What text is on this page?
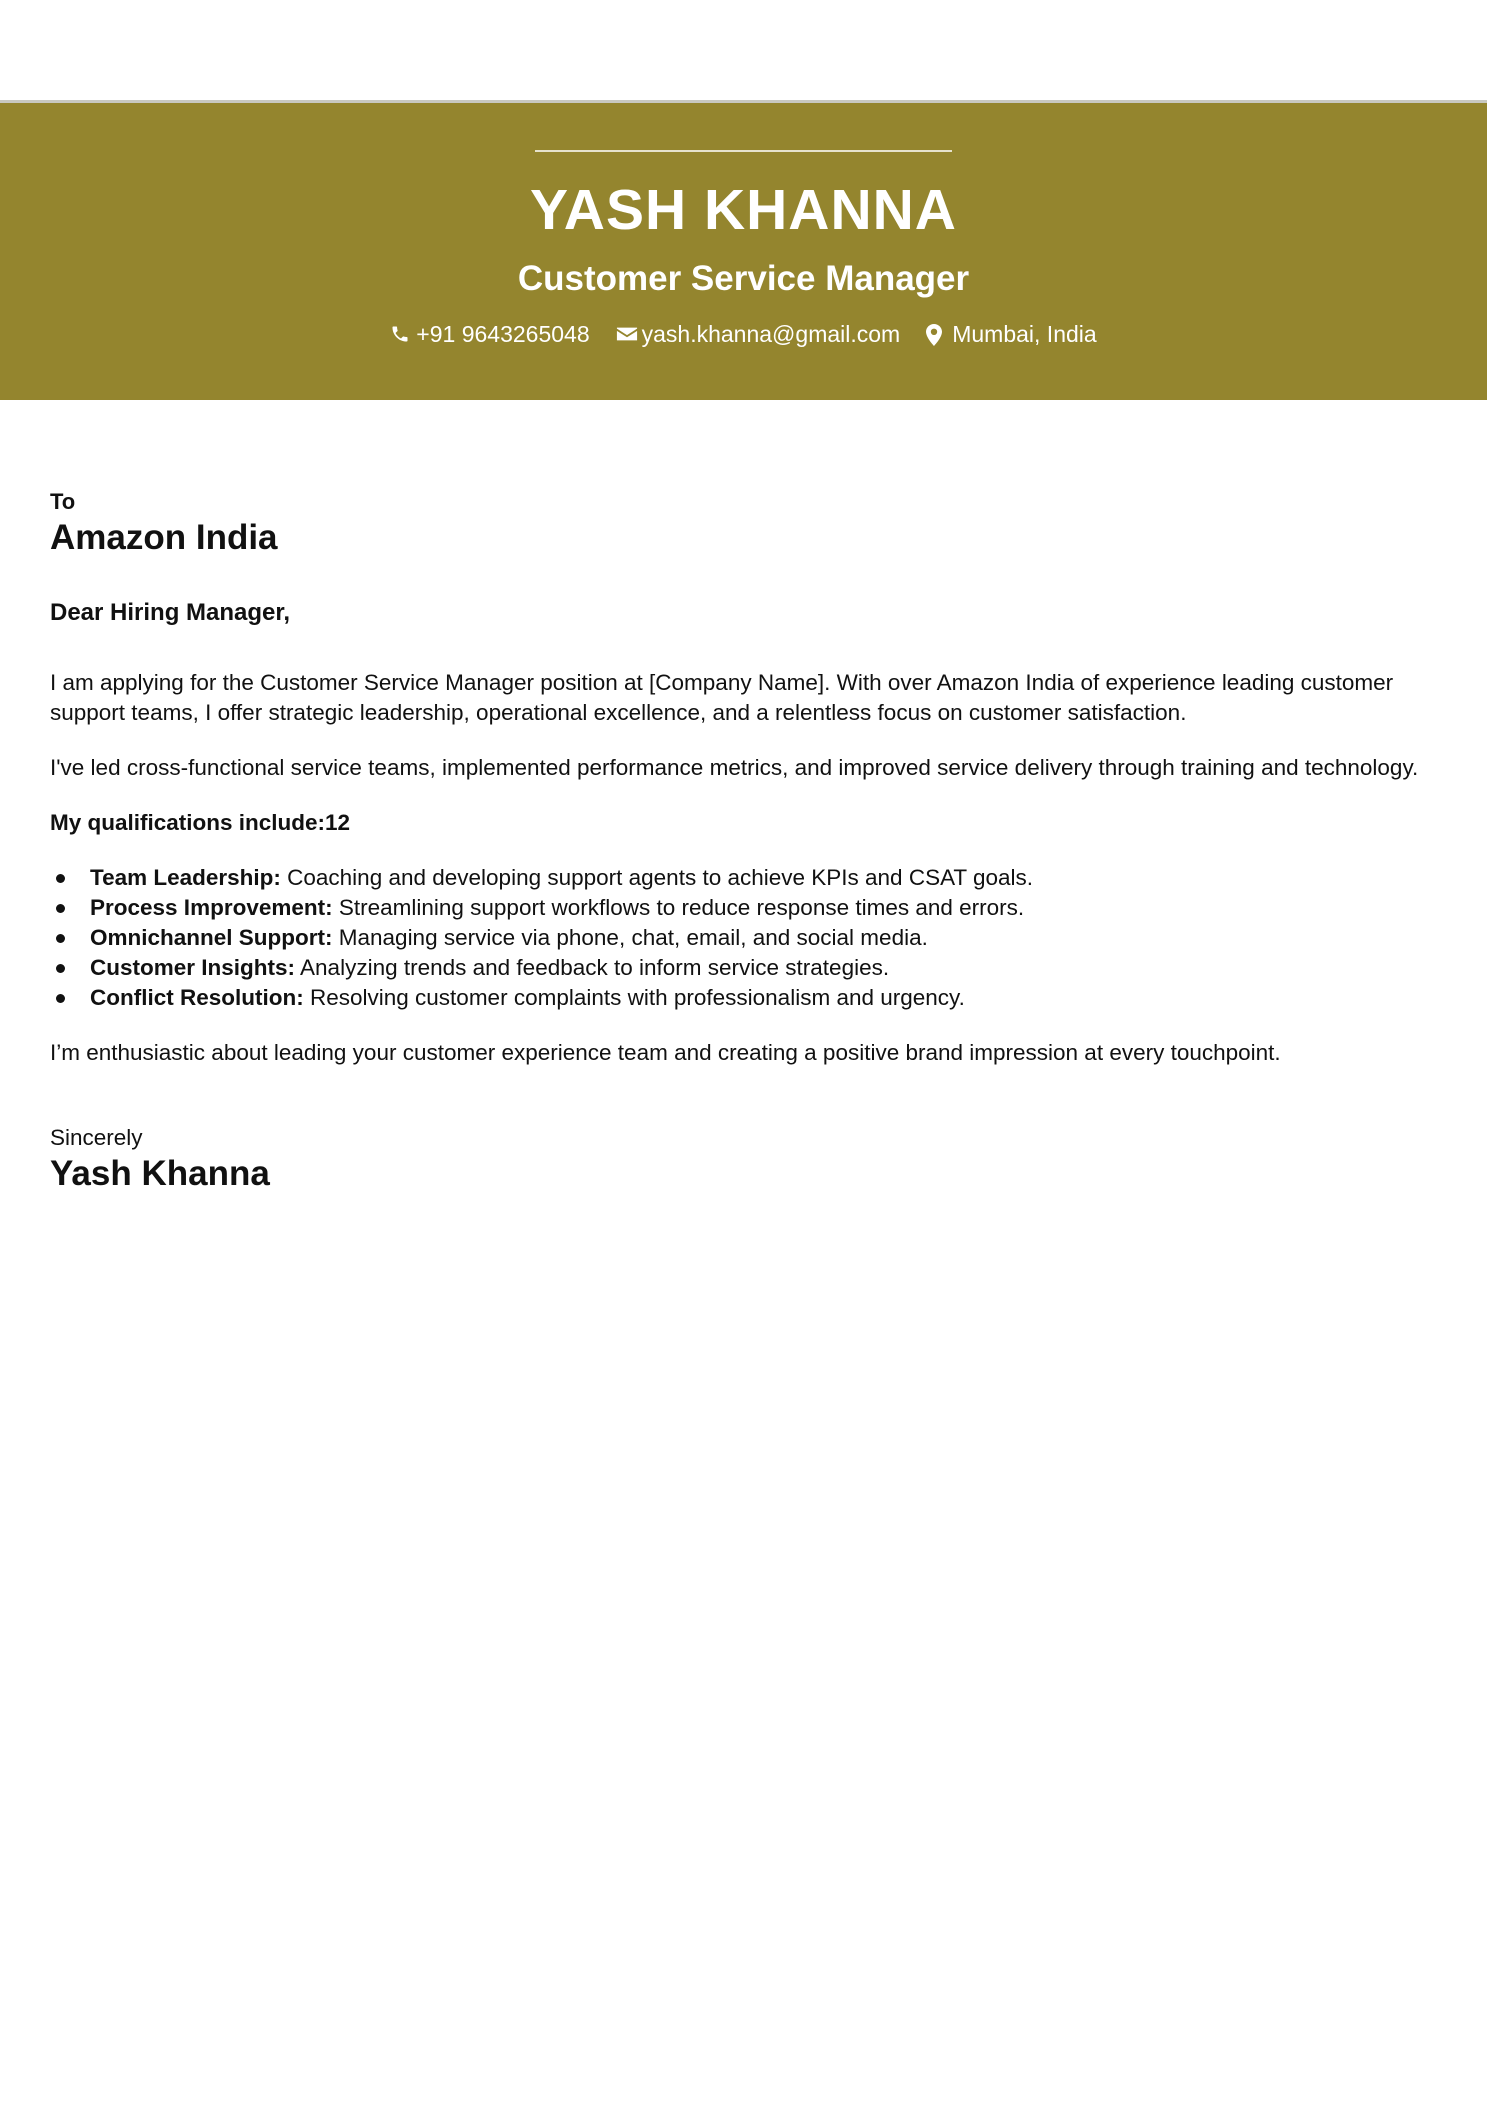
YASH KHANNA
Customer Service Manager
+91 9643265048 yash.khanna@gmail.com Mumbai, India

To

Amazon India

Dear Hiring Manager,

I am applying for the Customer Service Manager position at [Company Name]. With over Amazon India of experience leading customer support teams, I offer strategic leadership, operational excellence, and a relentless focus on customer satisfaction.

I've led cross-functional service teams, implemented performance metrics, and improved service delivery through training and technology.

My qualifications include:12

Team Leadership: Coaching and developing support agents to achieve KPIs and CSAT goals.
Process Improvement: Streamlining support workflows to reduce response times and errors.
Omnichannel Support: Managing service via phone, chat, email, and social media.
Customer Insights: Analyzing trends and feedback to inform service strategies.
Conflict Resolution: Resolving customer complaints with professionalism and urgency.

I’m enthusiastic about leading your customer experience team and creating a positive brand impression at every touchpoint.

Sincerely

Yash Khanna
